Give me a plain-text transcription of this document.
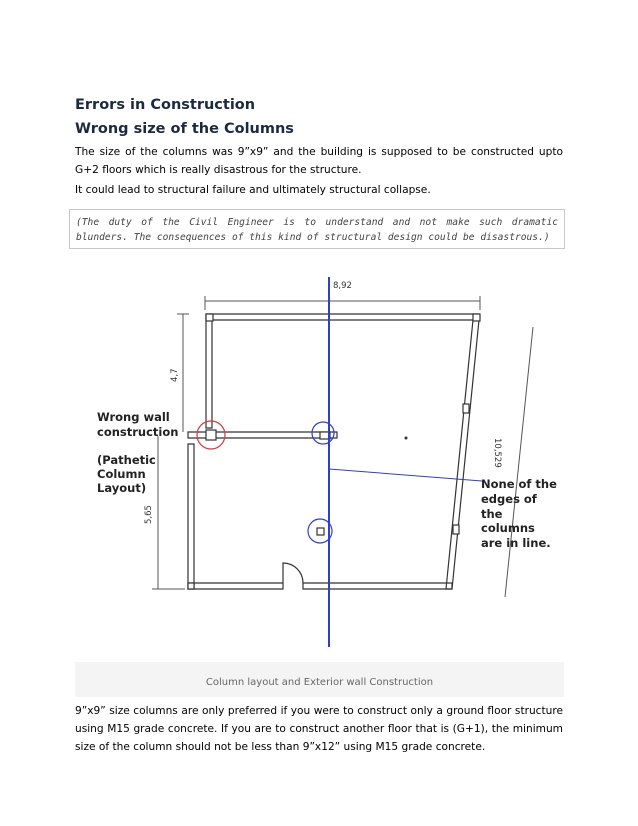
Errors in Construction
Wrong size of the Columns
The size of the columns was 9”x9” and the building is supposed to be constructed upto G+2 floors which is really disastrous for the structure.
It could lead to structural failure and ultimately structural collapse.
(The duty of the Civil Engineer is to understand and not make such dramatic blunders. The consequences of this kind of structural design could be disastrous.)
8,92
4,7
5,65
10,529
Wrong wall
construction
(Pathetic
Column
Layout)	None of the
edges of
the
columns
are in line.
Column layout and Exterior wall Construction
9”x9” size columns are only preferred if you were to construct only a ground floor structure using M15 grade concrete. If you are to construct another floor that is (G+1), the minimum size of the column should not be less than 9”x12” using M15 grade concrete.
